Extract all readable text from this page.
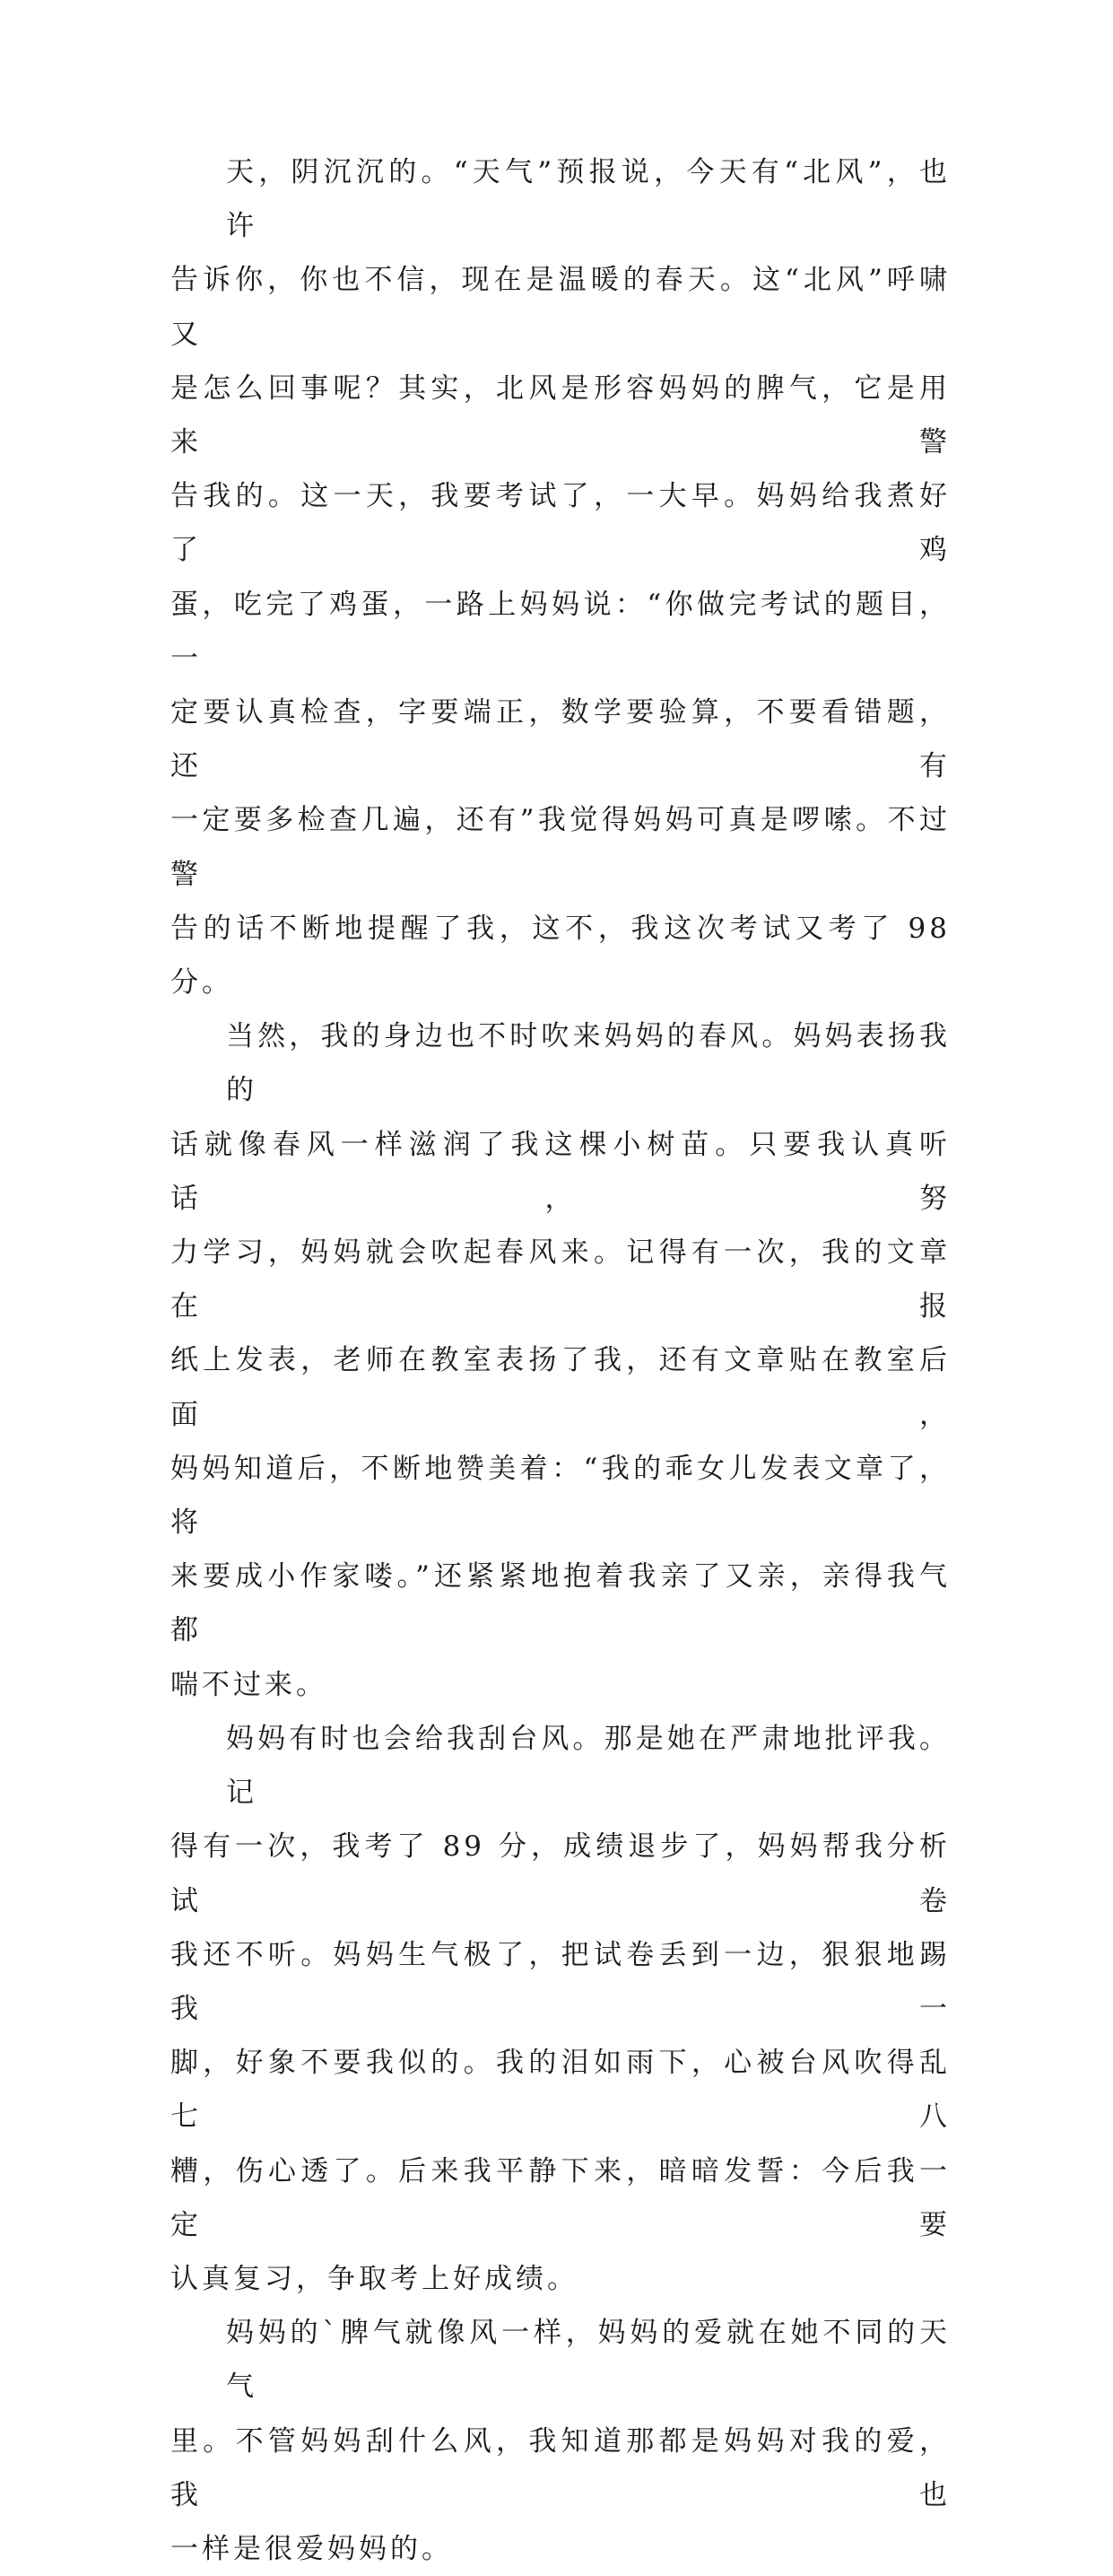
天，阴沉沉的。“天气”预报说，今天有“北风”，也许
告诉你，你也不信，现在是温暖的春天。这“北风”呼啸又
是怎么回事呢？其实，北风是形容妈妈的脾气，它是用来警
告我的。这一天，我要考试了，一大早。妈妈给我煮好了鸡
蛋，吃完了鸡蛋，一路上妈妈说：“你做完考试的题目，一
定要认真检查，字要端正，数学要验算，不要看错题，还有
一定要多检查几遍，还有”我觉得妈妈可真是啰嗦。不过警
告的话不断地提醒了我，这不，我这次考试又考了 98 分。

当然，我的身边也不时吹来妈妈的春风。妈妈表扬我的
话就像春风一样滋润了我这棵小树苗。只要我认真听话，努
力学习，妈妈就会吹起春风来。记得有一次，我的文章在报
纸上发表，老师在教室表扬了我，还有文章贴在教室后面，
妈妈知道后，不断地赞美着：“我的乖女儿发表文章了，将
来要成小作家喽。”还紧紧地抱着我亲了又亲，亲得我气都
喘不过来。

妈妈有时也会给我刮台风。那是她在严肃地批评我。记
得有一次，我考了 89 分，成绩退步了，妈妈帮我分析试卷
我还不听。妈妈生气极了，把试卷丢到一边，狠狠地踢我一
脚，好象不要我似的。我的泪如雨下，心被台风吹得乱七八
糟，伤心透了。后来我平静下来，暗暗发誓：今后我一定要
认真复习，争取考上好成绩。

妈妈的`脾气就像风一样，妈妈的爱就在她不同的天气
里。不管妈妈刮什么风，我知道那都是妈妈对我的爱，我也
一样是很爱妈妈的。
